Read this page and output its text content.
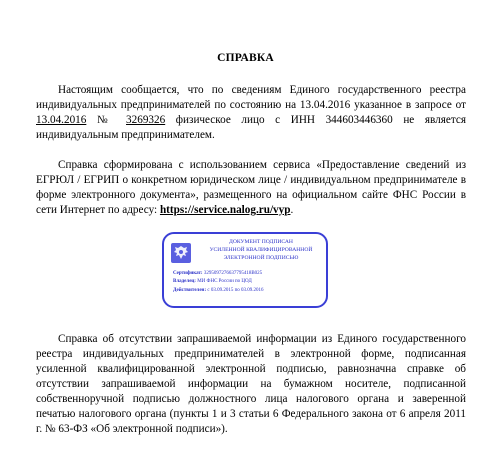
СПРАВКА
Настоящим сообщается, что по сведениям Единого государственного реестра индивидуальных предпринимателей по состоянию на 13.04.2016 указанное в запросе от 13.04.2016 № 3269326 физическое лицо с ИНН 344603446360 не является индивидуальным предпринимателем.
Справка сформирована с использованием сервиса «Предоставление сведений из ЕГРЮЛ / ЕГРИП о конкретном юридическом лице / индивидуальном предпринимателе в форме электронного документа», размещенного на официальном сайте ФНС России в сети Интернет по адресу: https://service.nalog.ru/vyp.
ДОКУМЕНТ ПОДПИСАН
УСИЛЕННОЙ КВАЛИФИЦИРОВАННОЙ
ЭЛЕКТРОННОЙ ПОДПИСЬЮ
Сертификат: 3295097276637795418B025
Владелец: МИ ФНС России по ЦОД
Действителен: с 03.09.2015 по 03.09.2016
Справка об отсутствии запрашиваемой информации из Единого государственного реестра индивидуальных предпринимателей в электронной форме, подписанная усиленной квалифицированной электронной подписью, равнозначна справке об отсутствии запрашиваемой информации на бумажном носителе, подписанной собственноручной подписью должностного лица налогового органа и заверенной печатью налогового органа (пункты 1 и 3 статьи 6 Федерального закона от 6 апреля 2011 г. № 63-ФЗ «Об электронной подписи»).
